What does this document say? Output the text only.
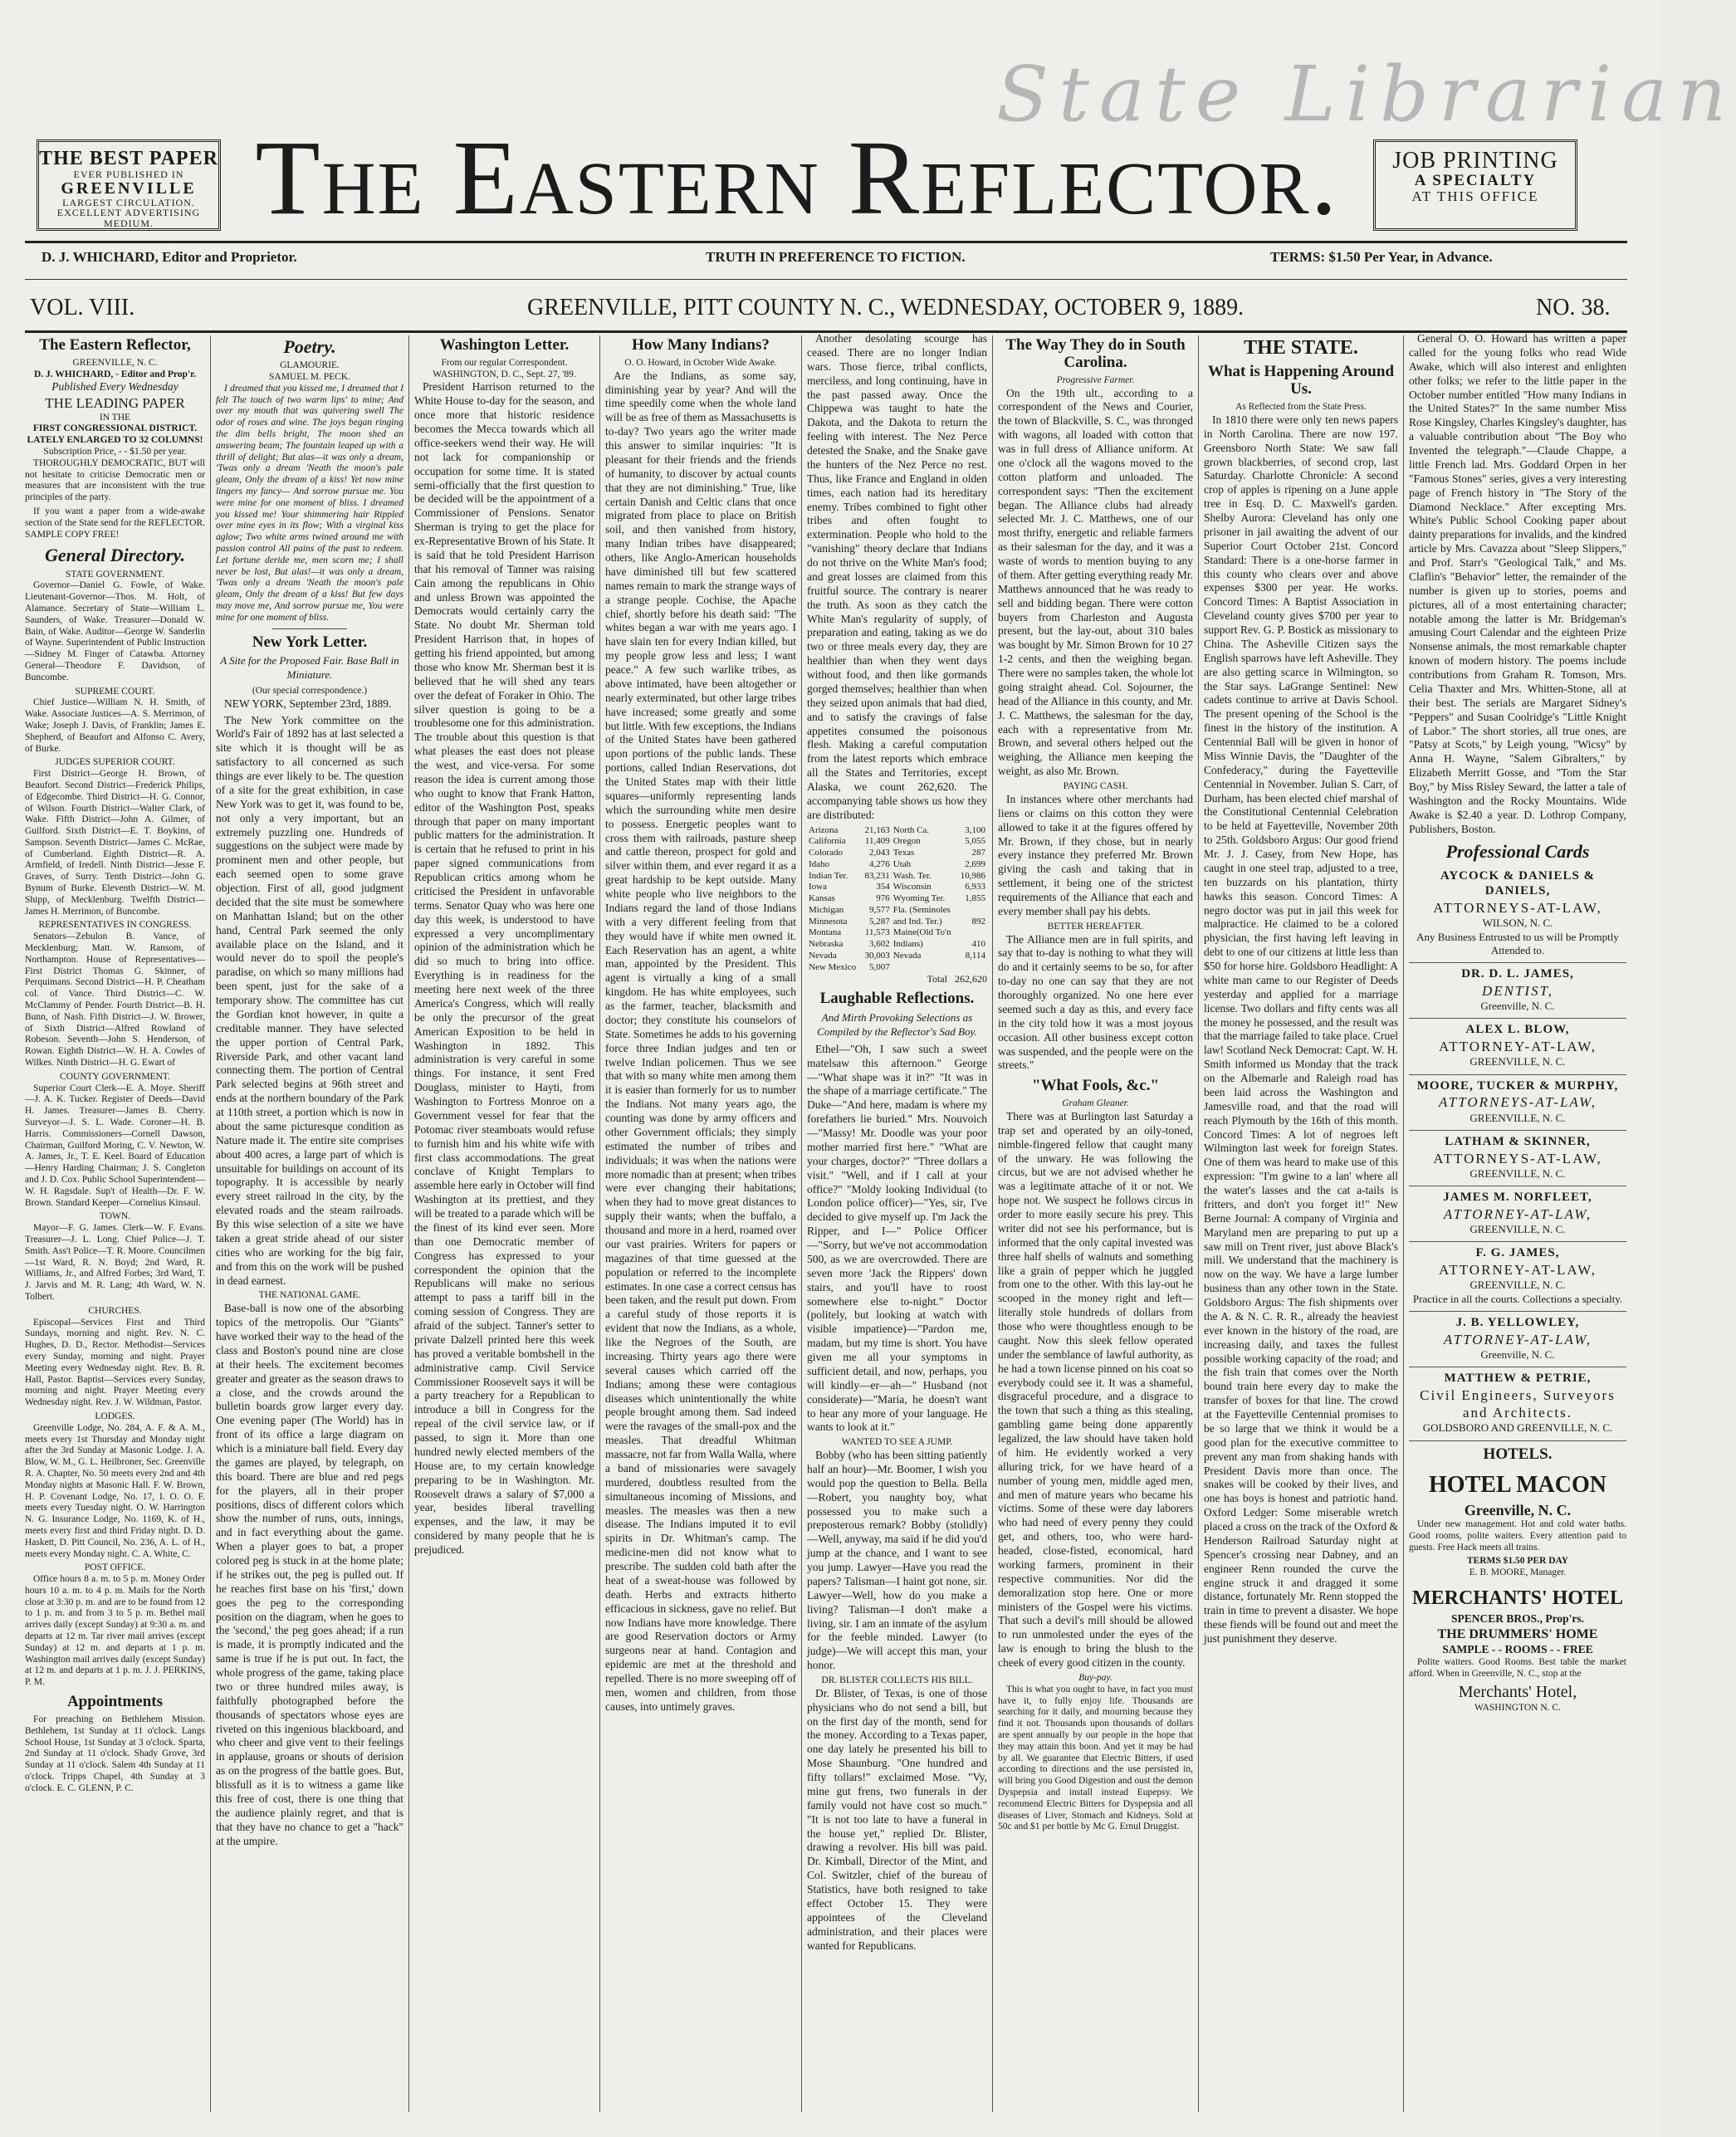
State Librarian
THE BEST PAPER
EVER PUBLISHED IN
GREENVILLE
LARGEST CIRCULATION.
EXCELLENT ADVERTISING MEDIUM. The Eastern Reflector.	JOB PRINTING
A SPECIALTY
AT THIS OFFICE
D. J. WHICHARD, Editor and Proprietor.	TRUTH IN PREFERENCE TO FICTION.	TERMS: $1.50 Per Year, in Advance.
VOL. VIII.	GREENVILLE, PITT COUNTY N. C., WEDNESDAY, OCTOBER 9, 1889.	NO. 38.
The Eastern Reflector,
GREENVILLE, N. C.
D. J. WHICHARD, - Editor and Prop'r.
Published Every Wednesday
THE LEADING PAPER
IN THE
FIRST CONGRESSIONAL DISTRICT.
LATELY ENLARGED TO 32 COLUMNS!
Subscription Price, - - $1.50 per year.

THOROUGHLY DEMOCRATIC, BUT will not hesitate to criticise Democratic men or measures that are inconsistent with the true principles of the party.

If you want a paper from a wide-awake section of the State send for the REFLECTOR. SAMPLE COPY FREE!

General Directory.
STATE GOVERNMENT.

Governor—Daniel G. Fowle, of Wake. Lieutenant-Governor—Thos. M. Holt, of Alamance. Secretary of State—William L. Saunders, of Wake. Treasurer—Donald W. Bain, of Wake. Auditor—George W. Sanderlin of Wayne. Superintendent of Public Instruction—Sidney M. Finger of Catawba. Attorney General—Theodore F. Davidson, of Buncombe.

SUPREME COURT.

Chief Justice—William N. H. Smith, of Wake. Associate Justices—A. S. Merrimon, of Wake; Joseph J. Davis, of Franklin; James E. Shepherd, of Beaufort and Alfonso C. Avery, of Burke.

JUDGES SUPERIOR COURT.

First District—George H. Brown, of Beaufort. Second District—Frederick Philips, of Edgecombe. Third District—H. G. Connor, of Wilson. Fourth District—Walter Clark, of Wake. Fifth District—John A. Gilmer, of Guilford. Sixth District—E. T. Boykins, of Sampson. Seventh District—James C. McRae, of Cumberland. Eighth District—R. A. Armfield, of Iredell. Ninth District—Jesse F. Graves, of Surry. Tenth District—John G. Bynum of Burke. Eleventh District—W. M. Shipp, of Mecklenburg. Twelfth District—James H. Merrimon, of Buncombe.

REPRESENTATIVES IN CONGRESS.

Senators—Zebulon B. Vance, of Mecklenburg; Matt. W. Ransom, of Northampton. House of Representatives—First District Thomas G. Skinner, of Perquimans. Second District—H. P. Cheatham col. of Vance. Third District—C. W. McClammy of Pender. Fourth District—B. H. Bunn, of Nash. Fifth District—J. W. Brower, of Sixth District—Alfred Rowland of Robeson. Seventh—John S. Henderson, of Rowan. Eighth District—W. H. A. Cowles of Wilkes. Ninth District—H. G. Ewart of

COUNTY GOVERNMENT.

Superior Court Clerk—E. A. Moye. Sheriff—J. A. K. Tucker. Register of Deeds—David H. James. Treasurer—James B. Cherry. Surveyor—J. S. L. Wade. Coroner—H. B. Harris. Commissioners—Cornell Dawson, Chairman, Guilford Moring, C. V. Newton, W. A. James, Jr., T. E. Keel. Board of Education—Henry Harding Chairman; J. S. Congleton and J. D. Cox. Public School Superintendent—W. H. Ragsdale. Sup't of Health—Dr. F. W. Brown. Standard Keeper—Cornelius Kinsaul.

TOWN.

Mayor—F. G. James. Clerk—W. F. Evans. Treasurer—J. L. Long. Chief Police—J. T. Smith. Ass't Police—T. R. Moore. Councilmen—1st Ward, R. N. Boyd; 2nd Ward, R. Williams, Jr., and Alfred Forbes; 3rd Ward, T. J. Jarvis and M. R. Lang; 4th Ward, W. N. Tolbert.

CHURCHES.

Episcopal—Services First and Third Sundays, morning and night. Rev. N. C. Hughes, D. D., Rector. Methodist—Services every Sunday, morning and night. Prayer Meeting every Wednesday night. Rev. B. R. Hall, Pastor. Baptist—Services every Sunday, morning and night. Prayer Meeting every Wednesday night. Rev. J. W. Wildman, Pastor.

LODGES.

Greenville Lodge, No. 284, A. F. & A. M., meets every 1st Thursday and Monday night after the 3rd Sunday at Masonic Lodge. J. A. Blow, W. M., G. L. Heilbroner, Sec. Greenville R. A. Chapter, No. 50 meets every 2nd and 4th Monday nights at Masonic Hall. F. W. Brown, H. P. Covenant Lodge, No. 17, I. O. O. F. meets every Tuesday night. O. W. Harrington N. G. Insurance Lodge, No. 1169, K. of H., meets every first and third Friday night. D. D. Haskett, D. Pitt Council, No. 236, A. L. of H., meets every Monday night. C. A. White, C.

POST OFFICE.

Office hours 8 a. m. to 5 p. m. Money Order hours 10 a. m. to 4 p. m. Mails for the North close at 3:30 p. m. and are to be found from 12 to 1 p. m. and from 3 to 5 p. m. Bethel mail arrives daily (except Sunday) at 9:30 a. m. and departs at 12 m. Tar river mail arrives (except Sunday) at 12 m. and departs at 1 p. m. Washington mail arrives daily (except Sunday) at 12 m. and departs at 1 p. m. J. J. PERKINS, P. M.

Appointments

For preaching on Bethlehem Mission. Bethlehem, 1st Sunday at 11 o'clock. Langs School House, 1st Sunday at 3 o'clock. Sparta, 2nd Sunday at 11 o'clock. Shady Grove, 3rd Sunday at 11 o'clock. Salem 4th Sunday at 11 o'clock. Tripps Chapel, 4th Sunday at 3 o'clock. E. C. GLENN, P. C.

Poetry.
GLAMOURIE.
SAMUEL M. PECK.

I dreamed that you kissed me, I dreamed that I felt The touch of two warm lips' to mine; And over my mouth that was quivering swell The odor of roses and wine. The joys began ringing the dim bells bright, The moon shed an answering beam; The fountain leaped up with a thrill of delight; But alas—it was only a dream, 'Twas only a dream 'Neath the moon's pale gleam, Only the dream of a kiss! Yet now mine lingers my fancy— And sorrow pursue me. You were mine for one moment of bliss. I dreamed you kissed me! Your shimmering hair Rippled over mine eyes in its flow; With a virginal kiss aglow; Two white arms twined around me with passion control All pains of the past to redeem. Let fortune deride me, men scorn me; I shall never be lost, But alas!—it was only a dream, 'Twas only a dream 'Neath the moon's pale gleam, Only the dream of a kiss! But few days may move me, And sorrow pursue me, You were mine for one moment of bliss.

New York Letter.
A Site for the Proposed Fair. Base Ball in Miniature.
(Our special correspondence.)

NEW YORK, September 23rd, 1889.

The New York committee on the World's Fair of 1892 has at last selected a site which it is thought will be as satisfactory to all concerned as such things are ever likely to be. The question of a site for the great exhibition, in case New York was to get it, was found to be, not only a very important, but an extremely puzzling one. Hundreds of suggestions on the subject were made by prominent men and other people, but each seemed open to some grave objection. First of all, good judgment decided that the site must be somewhere on Manhattan Island; but on the other hand, Central Park seemed the only available place on the Island, and it would never do to spoil the people's paradise, on which so many millions had been spent, just for the sake of a temporary show. The committee has cut the Gordian knot however, in quite a creditable manner. They have selected the upper portion of Central Park, Riverside Park, and other vacant land connecting them. The portion of Central Park selected begins at 96th street and ends at the northern boundary of the Park at 110th street, a portion which is now in about the same picturesque condition as Nature made it. The entire site comprises about 400 acres, a large part of which is unsuitable for buildings on account of its topography. It is accessible by nearly every street railroad in the city, by the elevated roads and the steam railroads. By this wise selection of a site we have taken a great stride ahead of our sister cities who are working for the big fair, and from this on the work will be pushed in dead earnest.

THE NATIONAL GAME.

Base-ball is now one of the absorbing topics of the metropolis. Our "Giants" have worked their way to the head of the class and Boston's pound nine are close at their heels. The excitement becomes greater and greater as the season draws to a close, and the crowds around the bulletin boards grow larger every day. One evening paper (The World) has in front of its office a large diagram on which is a miniature ball field. Every day the games are played, by telegraph, on this board. There are blue and red pegs for the players, all in their proper positions, discs of different colors which show the number of runs, outs, innings, and in fact everything about the game. When a player goes to bat, a proper colored peg is stuck in at the home plate; if he strikes out, the peg is pulled out. If he reaches first base on his 'first,' down goes the peg to the corresponding position on the diagram, when he goes to the 'second,' the peg goes ahead; if a run is made, it is promptly indicated and the same is true if he is put out. In fact, the whole progress of the game, taking place two or three hundred miles away, is faithfully photographed before the thousands of spectators whose eyes are riveted on this ingenious blackboard, and who cheer and give vent to their feelings in applause, groans or shouts of derision as on the progress of the battle goes. But, blissfull as it is to witness a game like this free of cost, there is one thing that the audience plainly regret, and that is that they have no chance to get a "hack" at the umpire.

Washington Letter.
From our regular Correspondent.
WASHINGTON, D. C., Sept. 27, '89.

President Harrison returned to the White House to-day for the season, and once more that historic residence becomes the Mecca towards which all office-seekers wend their way. He will not lack for companionship or occupation for some time. It is stated semi-officially that the first question to be decided will be the appointment of a Commissioner of Pensions. Senator Sherman is trying to get the place for ex-Representative Brown of his State. It is said that he told President Harrison that his removal of Tanner was raising Cain among the republicans in Ohio and unless Brown was appointed the Democrats would certainly carry the State. No doubt Mr. Sherman told President Harrison that, in hopes of getting his friend appointed, but among those who know Mr. Sherman best it is believed that he will shed any tears over the defeat of Foraker in Ohio. The silver question is going to be a troublesome one for this administration. The trouble about this question is that what pleases the east does not please the west, and vice-versa. For some reason the idea is current among those who ought to know that Frank Hatton, editor of the Washington Post, speaks through that paper on many important public matters for the administration. It is certain that he refused to print in his paper signed communications from Republican critics among whom he criticised the President in unfavorable terms. Senator Quay who was here one day this week, is understood to have expressed a very uncomplimentary opinion of the administration which he did so much to bring into office. Everything is in readiness for the meeting here next week of the three America's Congress, which will really be only the precursor of the great American Exposition to be held in Washington in 1892. This administration is very careful in some things. For instance, it sent Fred Douglass, minister to Hayti, from Washington to Fortress Monroe on a Government vessel for fear that the Potomac river steamboats would refuse to furnish him and his white wife with first class accommodations. The great conclave of Knight Templars to assemble here early in October will find Washington at its prettiest, and they will be treated to a parade which will be the finest of its kind ever seen. More than one Democratic member of Congress has expressed to your correspondent the opinion that the Republicans will make no serious attempt to pass a tariff bill in the coming session of Congress. They are afraid of the subject. Tanner's setter to private Dalzell printed here this week has proved a veritable bombshell in the administrative camp. Civil Service Commissioner Roosevelt says it will be a party treachery for a Republican to introduce a bill in Congress for the repeal of the civil service law, or if passed, to sign it. More than one hundred newly elected members of the House are, to my certain knowledge preparing to be in Washington. Mr. Roosevelt draws a salary of $7,000 a year, besides liberal travelling expenses, and the law, it may be considered by many people that he is prejudiced.

How Many Indians?
O. O. Howard, in October Wide Awake.

Are the Indians, as some say, diminishing year by year? And will the time speedily come when the whole land will be as free of them as Massachusetts is to-day? Two years ago the writer made this answer to similar inquiries: "It is pleasant for their friends and the friends of humanity, to discover by actual counts that they are not diminishing." True, like certain Danish and Celtic clans that once migrated from place to place on British soil, and then vanished from history, many Indian tribes have disappeared; others, like Anglo-American households have diminished till but few scattered names remain to mark the strange ways of a strange people. Cochise, the Apache chief, shortly before his death said: "The whites began a war with me years ago. I have slain ten for every Indian killed, but my people grow less and less; I want peace." A few such warlike tribes, as above intimated, have been altogether or nearly exterminated, but other large tribes have increased; some greatly and some but little. With few exceptions, the Indians of the United States have been gathered upon portions of the public lands. These portions, called Indian Reservations, dot the United States map with their little squares—uniformly representing lands which the surrounding white men desire to possess. Energetic peoples want to cross them with railroads, pasture sheep and cattle thereon, prospect for gold and silver within them, and ever regard it as a great hardship to be kept outside. Many white people who live neighbors to the Indians regard the land of those Indians with a very different feeling from that they would have if white men owned it. Each Reservation has an agent, a white man, appointed by the President. This agent is virtually a king of a small kingdom. He has white employees, such as the farmer, teacher, blacksmith and doctor; they constitute his counselors of State. Sometimes he adds to his governing force three Indian judges and ten or twelve Indian policemen. Thus we see that with so many white men among them it is easier than formerly for us to number the Indians. Not many years ago, the counting was done by army officers and other Government officials; they simply estimated the number of tribes and individuals; it was when the nations were more nomadic than at present; when tribes were ever changing their habitations; when they had to move great distances to supply their wants; when the buffalo, a thousand and more in a herd, roamed over our vast prairies. Writers for papers or magazines of that time guessed at the population or referred to the incomplete estimates. In one case a correct census has been taken, and the result put down. From a careful study of those reports it is evident that now the Indians, as a whole, like the Negroes of the South, are increasing. Thirty years ago there were several causes which carried off the Indians; among these were contagious diseases which unintentionally the white people brought among them. Sad indeed were the ravages of the small-pox and the measles. That dreadful Whitman massacre, not far from Walla Walla, where a band of missionaries were savagely murdered, doubtless resulted from the simultaneous incoming of Missions, and measles. The measles was then a new disease. The Indians imputed it to evil spirits in Dr. Whitman's camp. The medicine-men did not know what to prescribe. The sudden cold bath after the heat of a sweat-house was followed by death. Herbs and extracts hitherto efficacious in sickness, gave no relief. But now Indians have more knowledge. There are good Reservation doctors or Army surgeons near at hand. Contagion and epidemic are met at the threshold and repelled. There is no more sweeping off of men, women and children, from those causes, into untimely graves.

Another desolating scourge has ceased. There are no longer Indian wars. Those fierce, tribal conflicts, merciless, and long continuing, have in the past passed away. Once the Chippewa was taught to hate the Dakota, and the Dakota to return the feeling with interest. The Nez Perce detested the Snake, and the Snake gave the hunters of the Nez Perce no rest. Thus, like France and England in olden times, each nation had its hereditary enemy. Tribes combined to fight other tribes and often fought to extermination. People who hold to the "vanishing" theory declare that Indians do not thrive on the White Man's food; and great losses are claimed from this fruitful source. The contrary is nearer the truth. As soon as they catch the White Man's regularity of supply, of preparation and eating, taking as we do two or three meals every day, they are healthier than when they went days without food, and then like gormands gorged themselves; healthier than when they seized upon animals that had died, and to satisfy the cravings of false appetites consumed the poisonous flesh. Making a careful computation from the latest reports which embrace all the States and Territories, except Alaska, we count 262,620. The accompanying table shows us how they are distributed:

Arizona	21,163	North Ca.	3,100
California	11,409	Oregon	5,055
Colorado	2,043	Texas	287
Idaho	4,276	Utah	2,699
Indian Ter.	83,231	Wash. Ter.	10,986
Iowa	354	Wisconsin	6,933
Kansas	976	Wyoming Ter.	1,855
Michigan	9,577	Fla. (Seminoles	
Minnesota	5,287	and Ind. Ter.)	892
Montana	11,573	Maine(Old To'n	
Nebraska	3,602	Indians)	410
Nevada	30,003	Nevada	8,114
New Mexico	5,007		
Total 262,620
Laughable Reflections.
And Mirth Provoking Selections as Compiled by the Reflector's Sad Boy.

Ethel—"Oh, I saw such a sweet matelsaw this afternoon." George—"What shape was it in?" "It was in the shape of a marriage certificate." The Duke—"And here, madam is where my forefathers lie buried." Mrs. Nouvoich—"Massy! Mr. Doodle was your poor mother married first here." "What are your charges, doctor?" "Three dollars a visit." "Well, and if I call at your office?" "Moldy looking Individual (to London police officer)—"Yes, sir, I've decided to give myself up. I'm Jack the Ripper, and I—" Police Officer—"Sorry, but we've not accommodation 500, as we are overcrowded. There are seven more 'Jack the Rippers' down stairs, and you'll have to roost somewhere else to-night." Doctor (politely, but looking at watch with visible impatience)—"Pardon me, madam, but my time is short. You have given me all your symptoms in sufficient detail, and now, perhaps, you will kindly—er—ah—" Husband (not considerate)—"Maria, he doesn't want to hear any more of your language. He wants to look at it."

WANTED TO SEE A JUMP.

Bobby (who has been sitting patiently half an hour)—Mr. Boomer, I wish you would pop the question to Bella. Bella—Robert, you naughty boy, what possessed you to make such a preposterous remark? Bobby (stolidly)—Well, anyway, ma said if he did you'd jump at the chance, and I want to see you jump. Lawyer—Have you read the papers? Talisman—I haint got none, sir. Lawyer—Well, how do you make a living? Talisman—I don't make a living, sir. I am an inmate of the asylum for the feeble minded. Lawyer (to judge)—We will accept this man, your honor.

DR. BLISTER COLLECTS HIS BILL.

Dr. Blister, of Texas, is one of those physicians who do not send a bill, but on the first day of the month, send for the money. According to a Texas paper, one day lately he presented his bill to Mose Shaunburg. "One hundred and fifty tollars!" exclaimed Mose. "Vy, mine gut frens, two funerals in der family vould not have cost so much." "It is not too late to have a funeral in the house yet," replied Dr. Blister, drawing a revolver. His bill was paid. Dr. Kimball, Director of the Mint, and Col. Switzler, chief of the bureau of Statistics, have both resigned to take effect October 15. They were appointees of the Cleveland administration, and their places were wanted for Republicans.

The Way They do in South Carolina.
Progressive Farmer.

On the 19th ult., according to a correspondent of the News and Courier, the town of Blackville, S. C., was thronged with wagons, all loaded with cotton that was in full dress of Alliance uniform. At one o'clock all the wagons moved to the cotton platform and unloaded. The correspondent says: "Then the excitement began. The Alliance clubs had already selected Mr. J. C. Matthews, one of our most thrifty, energetic and reliable farmers as their salesman for the day, and it was a waste of words to mention buying to any of them. After getting everything ready Mr. Matthews announced that he was ready to sell and bidding began. There were cotton buyers from Charleston and Augusta present, but the lay-out, about 310 bales was bought by Mr. Simon Brown for 10 27 1-2 cents, and then the weighing began. There were no samples taken, the whole lot going straight ahead. Col. Sojourner, the head of the Alliance in this county, and Mr. J. C. Matthews, the salesman for the day, each with a representative from Mr. Brown, and several others helped out the weighing, the Alliance men keeping the weight, as also Mr. Brown.

PAYING CASH.

In instances where other merchants had liens or claims on this cotton they were allowed to take it at the figures offered by Mr. Brown, if they chose, but in nearly every instance they preferred Mr. Brown giving the cash and taking that in settlement, it being one of the strictest requirements of the Alliance that each and every member shall pay his debts.

BETTER HEREAFTER.

The Alliance men are in full spirits, and say that to-day is nothing to what they will do and it certainly seems to be so, for after to-day no one can say that they are not thoroughly organized. No one here ever seemed such a day as this, and every face in the city told how it was a most joyous occasion. All other business except cotton was suspended, and the people were on the streets."

"What Fools, &c."
Graham Gleaner.

There was at Burlington last Saturday a trap set and operated by an oily-toned, nimble-fingered fellow that caught many of the unwary. He was following the circus, but we are not advised whether he was a legitimate attache of it or not. We hope not. We suspect he follows circus in order to more easily secure his prey. This writer did not see his performance, but is informed that the only capital invested was three half shells of walnuts and something like a grain of pepper which he juggled from one to the other. With this lay-out he scooped in the money right and left—literally stole hundreds of dollars from those who were thoughtless enough to be caught. Now this sleek fellow operated under the semblance of lawful authority, as he had a town license pinned on his coat so everybody could see it. It was a shameful, disgraceful procedure, and a disgrace to the town that such a thing as this stealing, gambling game being done apparently legalized, the law should have taken hold of him. He evidently worked a very alluring trick, for we have heard of a number of young men, middle aged men, and men of mature years who became his victims. Some of these were day laborers who had need of every penny they could get, and others, too, who were hard-headed, close-fisted, economical, hard working farmers, prominent in their respective communities. Nor did the demoralization stop here. One or more ministers of the Gospel were his victims. That such a devil's mill should be allowed to run unmolested under the eyes of the law is enough to bring the blush to the cheek of every good citizen in the county.

Buy-pay.

This is what you ought to have, in fact you must have it, to fully enjoy life. Thousands are searching for it daily, and mourning because they find it not. Thousands upon thousands of dollars are spent annually by our people in the hope that they may attain this boon. And yet it may be had by all. We guarantee that Electric Bitters, if used according to directions and the use persisted in, will bring you Good Digestion and oust the demon Dyspepsia and install instead Eupepsy. We recommend Electric Bitters for Dyspepsia and all diseases of Liver, Stomach and Kidneys. Sold at 50c and $1 per bottle by Mc G. Ernul Druggist.

THE STATE.
What is Happening Around Us.
As Reflected from the State Press.

In 1810 there were only ten news papers in North Carolina. There are now 197. Greensboro North State: We saw fall grown blackberries, of second crop, last Saturday. Charlotte Chronicle: A second crop of apples is ripening on a June apple tree in Esq. D. C. Maxwell's garden. Shelby Aurora: Cleveland has only one prisoner in jail awaiting the advent of our Superior Court October 21st. Concord Standard: There is a one-horse farmer in this county who clears over and above expenses $300 per year. He works. Concord Times: A Baptist Association in Cleveland county gives $700 per year to support Rev. G. P. Bostick as missionary to China. The Asheville Citizen says the English sparrows have left Asheville. They are also getting scarce in Wilmington, so the Star says. LaGrange Sentinel: New cadets continue to arrive at Davis School. The present opening of the School is the finest in the history of the institution. A Centennial Ball will be given in honor of Miss Winnie Davis, the "Daughter of the Confederacy," during the Fayetteville Centennial in November. Julian S. Carr, of Durham, has been elected chief marshal of the Constitutional Centennial Celebration to be held at Fayetteville, November 20th to 25th. Goldsboro Argus: Our good friend Mr. J. J. Casey, from New Hope, has caught in one steel trap, adjusted to a tree, ten buzzards on his plantation, thirty hawks this season. Concord Times: A negro doctor was put in jail this week for malpractice. He claimed to be a colored physician, the first having left leaving in debt to one of our citizens at little less than $50 for horse hire. Goldsboro Headlight: A white man came to our Register of Deeds yesterday and applied for a marriage license. Two dollars and fifty cents was all the money he possessed, and the result was that the marriage failed to take place. Cruel law! Scotland Neck Democrat: Capt. W. H. Smith informed us Monday that the track on the Albemarle and Raleigh road has been laid across the Washington and Jamesville road, and that the road will reach Plymouth by the 16th of this month. Concord Times: A lot of negroes left Wilmington last week for foreign States. One of them was heard to make use of this expression: "I'm gwine to a lan' where all the water's lasses and the cat a-tails is fritters, and don't you forget it!" New Berne Journal: A company of Virginia and Maryland men are preparing to put up a saw mill on Trent river, just above Black's mill. We understand that the machinery is now on the way. We have a large lumber business than any other town in the State. Goldsboro Argus: The fish shipments over the A. & N. C. R. R., already the heaviest ever known in the history of the road, are increasing daily, and taxes the fullest possible working capacity of the road; and the fish train that comes over the North bound train here every day to make the transfer of boxes for that line. The crowd at the Fayetteville Centennial promises to be so large that we think it would be a good plan for the executive committee to prevent any man from shaking hands with President Davis more than once. The snakes will be cooked by their lives, and one has boys is honest and patriotic hand. Oxford Ledger: Some miserable wretch placed a cross on the track of the Oxford & Henderson Railroad Saturday night at Spencer's crossing near Dabney, and an engineer Renn rounded the curve the engine struck it and dragged it some distance, fortunately Mr. Renn stopped the train in time to prevent a disaster. We hope these fiends will be found out and meet the just punishment they deserve.

General O. O. Howard has written a paper called for the young folks who read Wide Awake, which will also interest and enlighten other folks; we refer to the little paper in the October number entitled "How many Indians in the United States?" In the same number Miss Rose Kingsley, Charles Kingsley's daughter, has a valuable contribution about "The Boy who Invented the telegraph."—Claude Chappe, a little French lad. Mrs. Goddard Orpen in her "Famous Stones" series, gives a very interesting page of French history in "The Story of the Diamond Necklace." After excepting Mrs. White's Public School Cooking paper about dainty preparations for invalids, and the kindred article by Mrs. Cavazza about "Sleep Slippers," and Prof. Starr's "Geological Talk," and Ms. Claflin's "Behavior" letter, the remainder of the number is given up to stories, poems and pictures, all of a most entertaining character; notable among the latter is Mr. Bridgeman's amusing Court Calendar and the eighteen Prize Nonsense animals, the most remarkable chapter known of modern history. The poems include contributions from Graham R. Tomson, Mrs. Celia Thaxter and Mrs. Whitten-Stone, all at their best. The serials are Margaret Sidney's "Peppers" and Susan Coolridge's "Little Knight of Labor." The short stories, all true ones, are "Patsy at Scots," by Leigh young, "Wicsy" by Anna H. Wayne, "Salem Gibralters," by Elizabeth Merritt Gosse, and "Tom the Star Boy," by Miss Risley Seward, the latter a tale of Washington and the Rocky Mountains. Wide Awake is $2.40 a year. D. Lothrop Company, Publishers, Boston.

Professional Cards
AYCOCK & DANIELS & DANIELS,
ATTORNEYS-AT-LAW,
WILSON, N. C.
Any Business Entrusted to us will be Promptly Attended to.
DR. D. L. JAMES,
DENTIST,
Greenville, N. C.
ALEX L. BLOW,
ATTORNEY-AT-LAW,
GREENVILLE, N. C.
MOORE, TUCKER & MURPHY,
ATTORNEYS-AT-LAW,
GREENVILLE, N. C.
LATHAM & SKINNER,
ATTORNEYS-AT-LAW,
GREENVILLE, N. C.
JAMES M. NORFLEET,
ATTORNEY-AT-LAW,
GREENVILLE, N. C.
F. G. JAMES,
ATTORNEY-AT-LAW,
GREENVILLE, N. C.
Practice in all the courts. Collections a specialty.
J. B. YELLOWLEY,
ATTORNEY-AT-LAW,
Greenville, N. C.
MATTHEW & PETRIE,
Civil Engineers, Surveyors and Architects.
GOLDSBORO AND GREENVILLE, N. C.
HOTELS.
HOTEL MACON
Greenville, N. C.

Under new management. Hot and cold water baths. Good rooms, polite waiters. Every attention paid to guests. Free Hack meets all trains.

TERMS $1.50 PER DAY
E. B. MOORE, Manager.
MERCHANTS' HOTEL
SPENCER BROS., Prop'rs.
THE DRUMMERS' HOME
SAMPLE - - ROOMS - - FREE

Polite waiters. Good Rooms. Best table the market afford. When in Greenville, N. C., stop at the

Merchants' Hotel,
WASHINGTON N. C.
